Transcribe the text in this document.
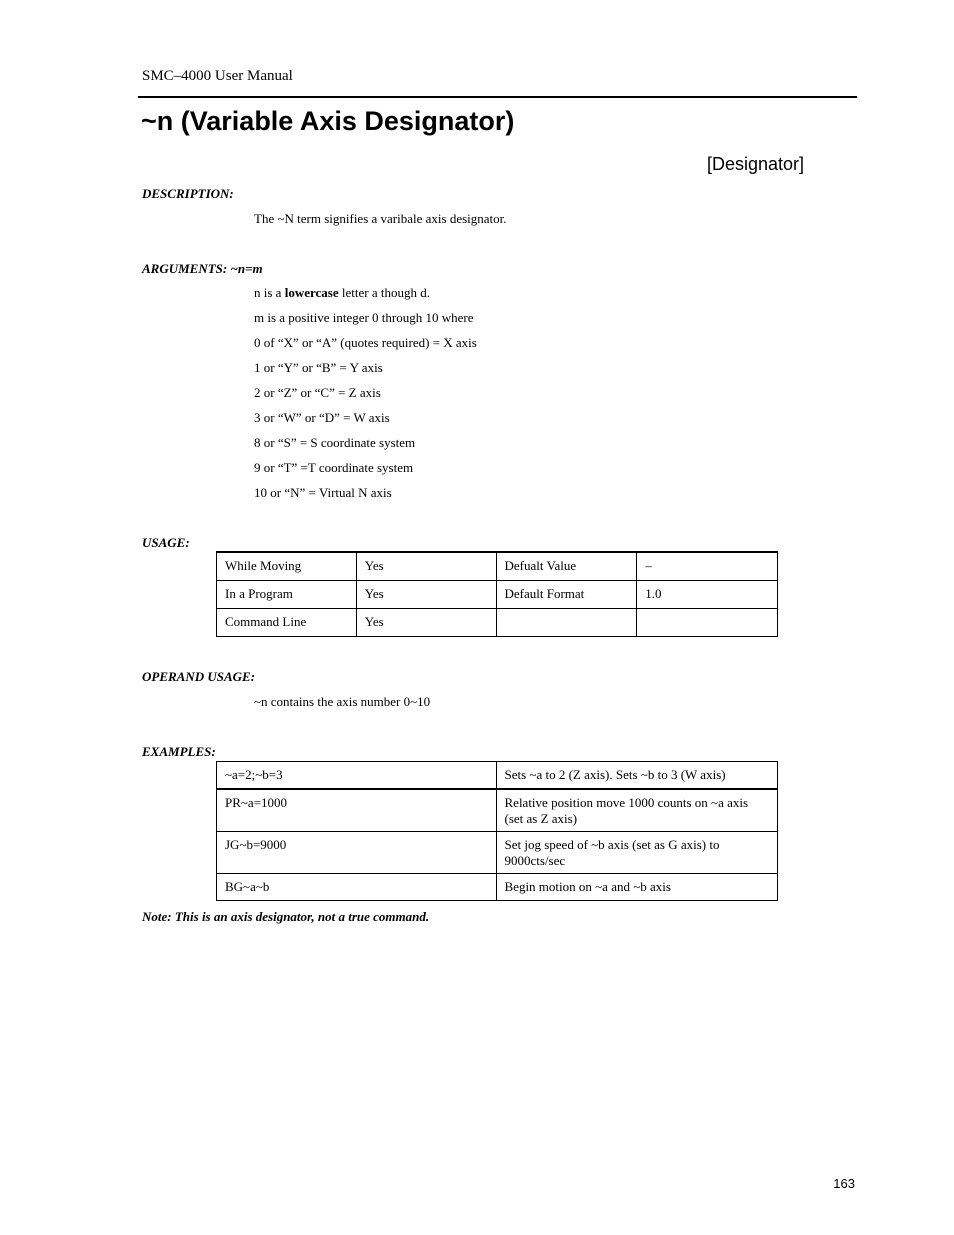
SMC–4000 User Manual
~n (Variable Axis Designator)
[Designator]
DESCRIPTION:
The ~N term signifies a varibale axis designator.
ARGUMENTS: ~n=m
n is a lowercase letter a though d.
m is a positive integer 0 through 10 where
0 of “X” or “A” (quotes required) = X axis
1 or “Y” or “B” = Y axis
2 or “Z” or “C” = Z axis
3 or “W” or “D” = W axis
8 or “S” = S coordinate system
9 or “T” =T coordinate system
10 or “N” = Virtual N axis
USAGE:
While Moving	Yes	Defualt Value	–
In a Program	Yes	Default Format	1.0
Command Line	Yes		
OPERAND USAGE:
~n contains the axis number 0~10
EXAMPLES:
~a=2;~b=3	Sets ~a to 2 (Z axis). Sets ~b to 3 (W axis)
PR~a=1000	Relative position move 1000 counts on ~a axis (set as Z axis)
JG~b=9000	Set jog speed of ~b axis (set as G axis) to 9000cts/sec
BG~a~b	Begin motion on ~a and ~b axis
Note: This is an axis designator, not a true command.
163
